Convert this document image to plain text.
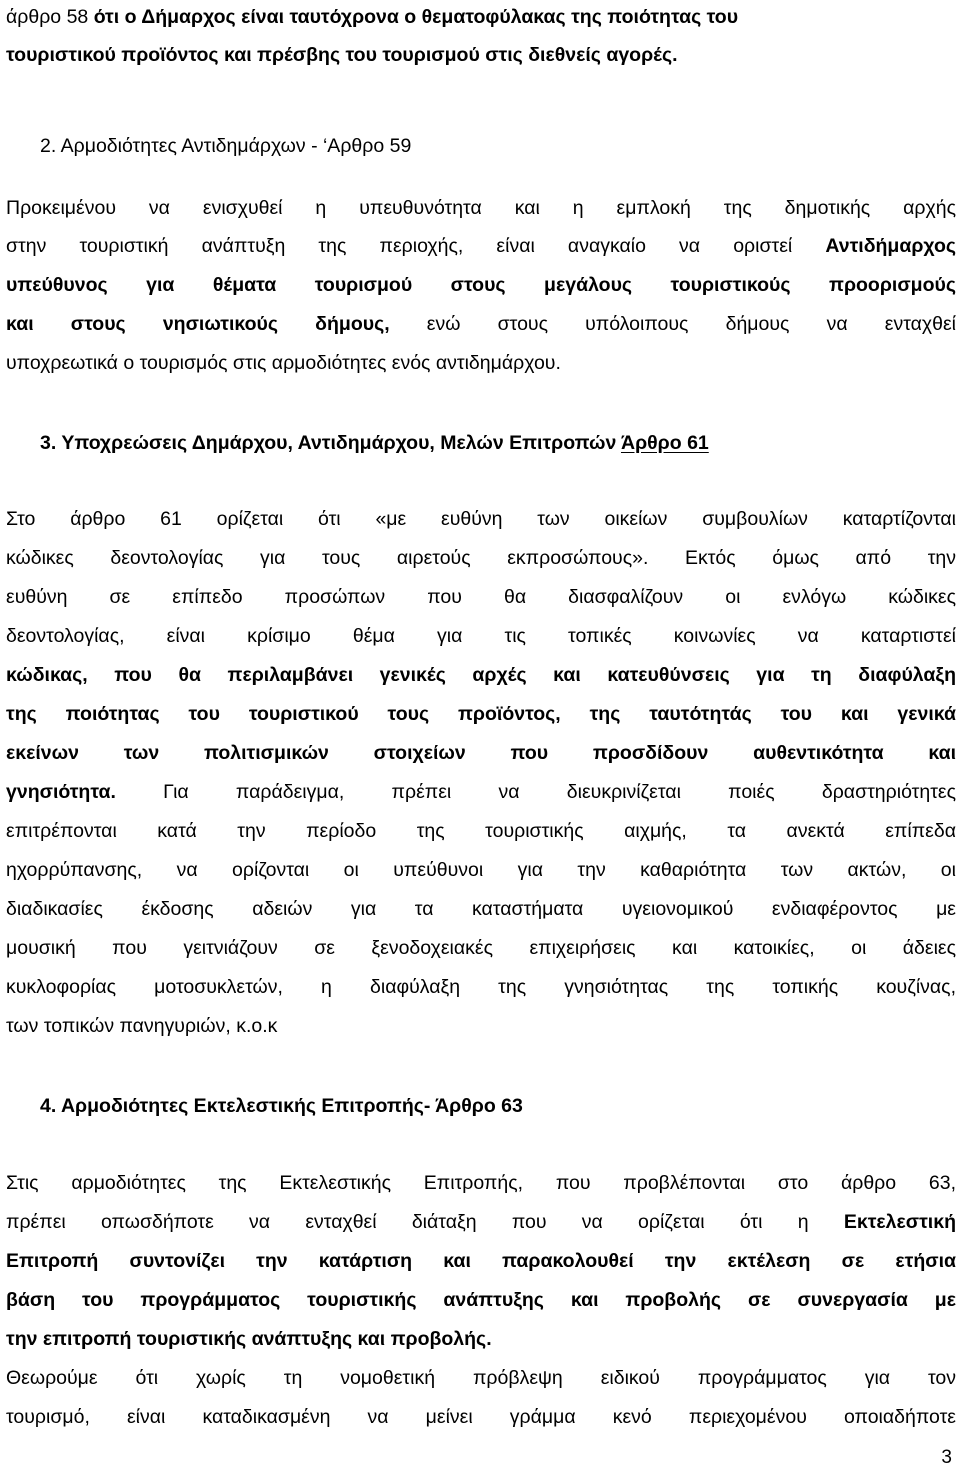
άρθρο 58 ότι ο Δήμαρχος είναι ταυτόχρονα ο θεματοφύλακας της ποιότητας του
τουριστικού προϊόντος και πρέσβης του τουρισμού στις διεθνείς αγορές.
2. Αρμοδιότητες Αντιδημάρχων - ‘Αρθρο 59
Προκειμένου να ενισχυθεί η υπευθυνότητα και η εμπλοκή της δημοτικής αρχής
στην τουριστική ανάπτυξη της περιοχής, είναι αναγκαίο να οριστεί Αντιδήμαρχος
υπεύθυνος για θέματα τουρισμού στους μεγάλους τουριστικούς προορισμούς
και στους νησιωτικούς δήμους, ενώ στους υπόλοιπους δήμους να ενταχθεί
υποχρεωτικά ο τουρισμός στις αρμοδιότητες ενός αντιδημάρχου.
3. Υποχρεώσεις Δημάρχου, Αντιδημάρχου, Μελών Επιτροπών Άρθρο 61
Στο άρθρο 61 ορίζεται ότι «με ευθύνη των οικείων συμβουλίων καταρτίζονται
κώδικες δεοντολογίας για τους αιρετούς εκπροσώπους». Εκτός όμως από την
ευθύνη σε επίπεδο προσώπων που θα διασφαλίζουν οι ενλόγω κώδικες
δεοντολογίας, είναι κρίσιμο θέμα για τις τοπικές κοινωνίες να καταρτιστεί
κώδικας, που θα περιλαμβάνει γενικές αρχές και κατευθύνσεις για τη διαφύλαξη
της ποιότητας του τουριστικού τους προϊόντος, της ταυτότητάς του και γενικά
εκείνων των πολιτισμικών στοιχείων που προσδίδουν αυθεντικότητα και
γνησιότητα. Για παράδειγμα, πρέπει να διευκρινίζεται ποιές δραστηριότητες
επιτρέπονται κατά την περίοδο της τουριστικής αιχμής, τα ανεκτά επίπεδα
ηχορρύπανσης, να ορίζονται οι υπεύθυνοι για την καθαριότητα των ακτών, οι
διαδικασίες έκδοσης αδειών για τα καταστήματα υγειονομικού ενδιαφέροντος με
μουσική που γειτνιάζουν σε ξενοδοχειακές επιχειρήσεις και κατοικίες, οι άδειες
κυκλοφορίας μοτοσυκλετών, η διαφύλαξη της γνησιότητας της τοπικής κουζίνας,
των τοπικών πανηγυριών, κ.ο.κ
4. Αρμοδιότητες Εκτελεστικής Επιτροπής- Άρθρο 63
Στις αρμοδιότητες της Εκτελεστικής Επιτροπής, που προβλέπονται στο άρθρο 63,
πρέπει οπωσδήποτε να ενταχθεί διάταξη που να ορίζεται ότι η Εκτελεστική
Επιτροπή συντονίζει την κατάρτιση και παρακολουθεί την εκτέλεση σε ετήσια
βάση του προγράμματος τουριστικής ανάπτυξης και προβολής σε συνεργασία με
την επιτροπή τουριστικής ανάπτυξης και προβολής.
Θεωρούμε ότι χωρίς τη νομοθετική πρόβλεψη ειδικού προγράμματος για τον
τουρισμό, είναι καταδικασμένη να μείνει γράμμα κενό περιεχομένου οποιαδήποτε
3
